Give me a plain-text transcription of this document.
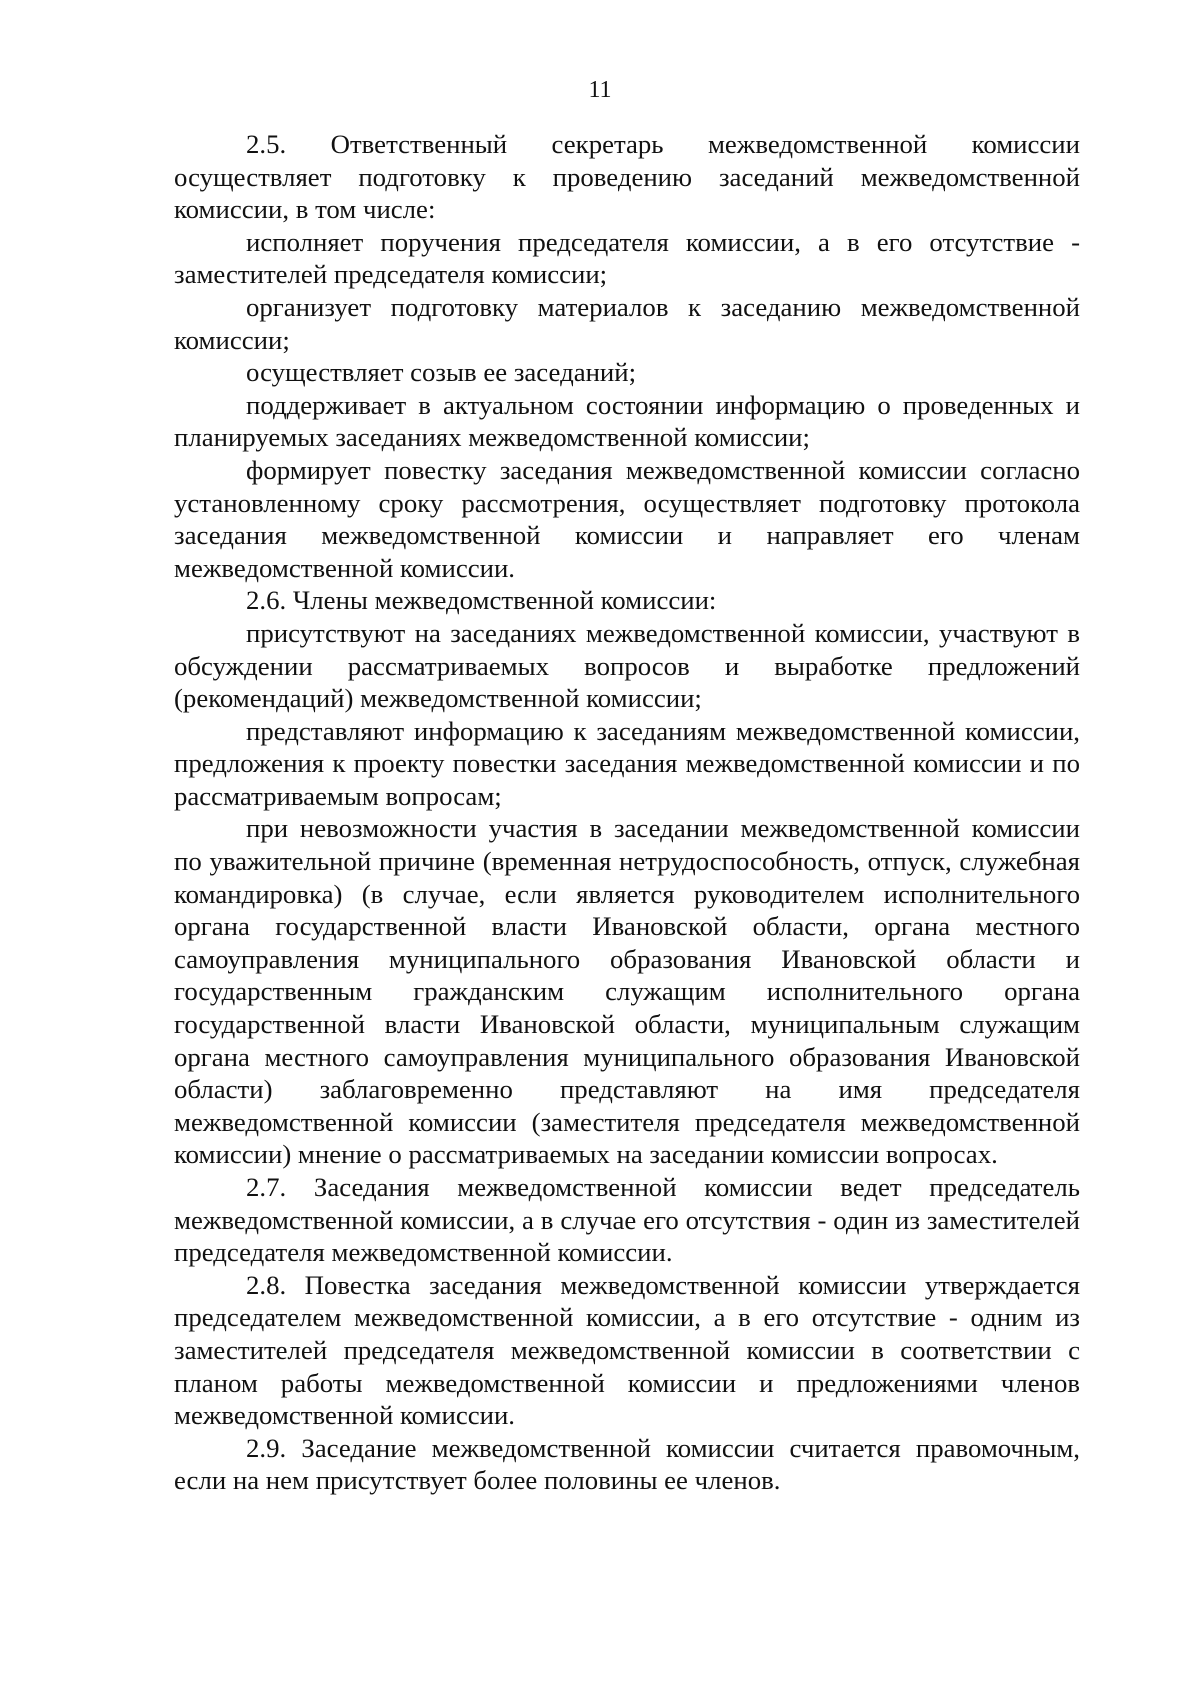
11

2.5. Ответственный секретарь межведомственной комиссии осуществляет подготовку к проведению заседаний межведомственной комиссии, в том числе:

исполняет поручения председателя комиссии, а в его отсутствие - заместителей председателя комиссии;

организует подготовку материалов к заседанию межведомственной комиссии;

осуществляет созыв ее заседаний;

поддерживает в актуальном состоянии информацию о проведенных и планируемых заседаниях межведомственной комиссии;

формирует повестку заседания межведомственной комиссии согласно установленному сроку рассмотрения, осуществляет подготовку протокола заседания межведомственной комиссии и направляет его членам межведомственной комиссии.

2.6. Члены межведомственной комиссии:

присутствуют на заседаниях межведомственной комиссии, участвуют в обсуждении рассматриваемых вопросов и выработке предложений (рекомендаций) межведомственной комиссии;

представляют информацию к заседаниям межведомственной комиссии, предложения к проекту повестки заседания межведомственной комиссии и по рассматриваемым вопросам;

при невозможности участия в заседании межведомственной комиссии по уважительной причине (временная нетрудоспособность, отпуск, служебная командировка) (в случае, если является руководителем исполнительного органа государственной власти Ивановской области, органа местного самоуправления муниципального образования Ивановской области и государственным гражданским служащим исполнительного органа государственной власти Ивановской области, муниципальным служащим органа местного самоуправления муниципального образования Ивановской области) заблаговременно представляют на имя председателя межведомственной комиссии (заместителя председателя межведомственной комиссии) мнение о рассматриваемых на заседании комиссии вопросах.

2.7. Заседания межведомственной комиссии ведет председатель межведомственной комиссии, а в случае его отсутствия - один из заместителей председателя межведомственной комиссии.

2.8. Повестка заседания межведомственной комиссии утверждается председателем межведомственной комиссии, а в его отсутствие - одним из заместителей председателя межведомственной комиссии в соответствии с планом работы межведомственной комиссии и предложениями членов межведомственной комиссии.

2.9. Заседание межведомственной комиссии считается правомочным, если на нем присутствует более половины ее членов.
